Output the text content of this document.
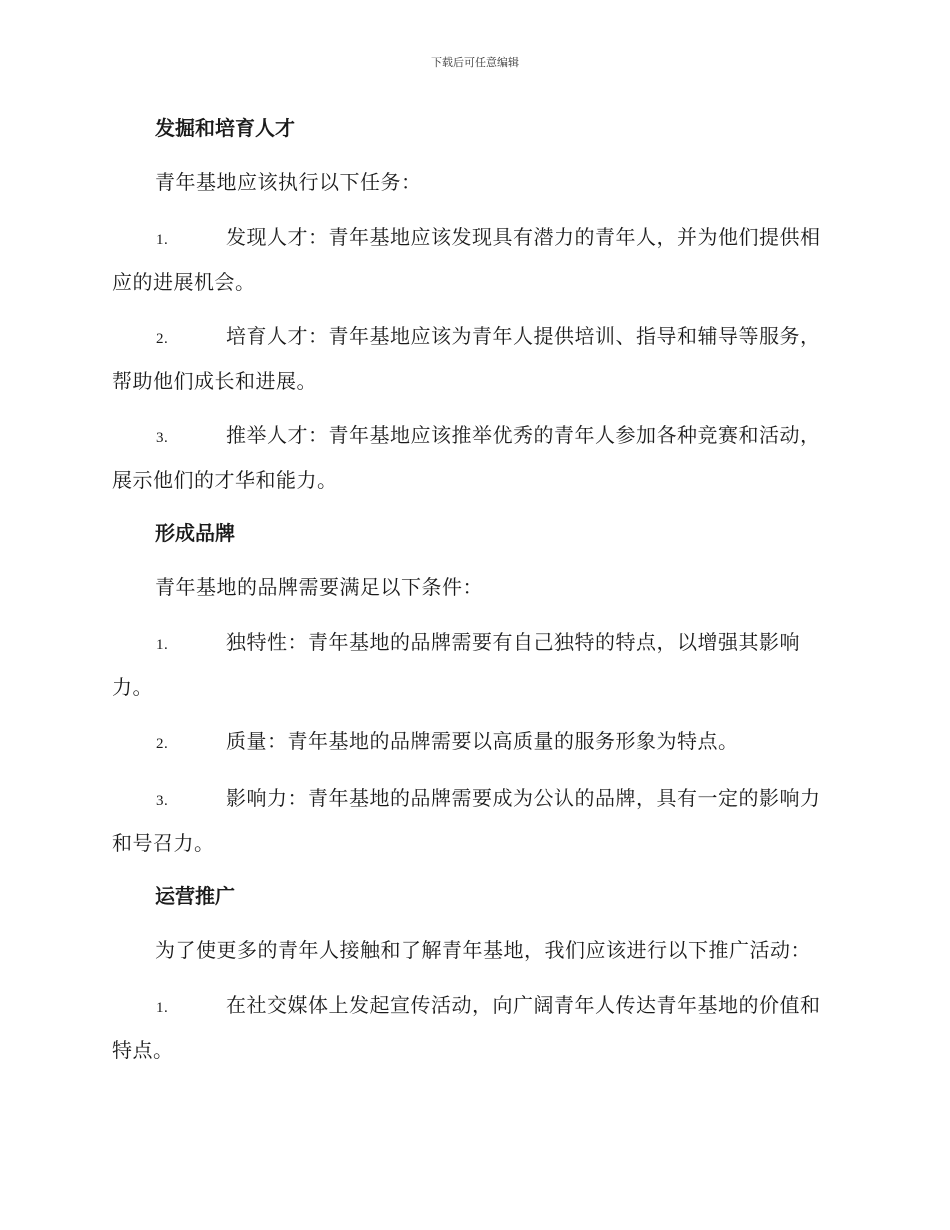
下载后可任意编辑
发掘和培育人才
青年基地应该执行以下任务：
1.	发现人才：青年基地应该发现具有潜力的青年人，并为他们提供相应的进展机会。
2.	培育人才：青年基地应该为青年人提供培训、指导和辅导等服务，帮助他们成长和进展。
3.	推举人才：青年基地应该推举优秀的青年人参加各种竞赛和活动，展示他们的才华和能力。
形成品牌
青年基地的品牌需要满足以下条件：
1.	独特性：青年基地的品牌需要有自己独特的特点，以增强其影响力。
2.	质量：青年基地的品牌需要以高质量的服务形象为特点。
3.	影响力：青年基地的品牌需要成为公认的品牌，具有一定的影响力和号召力。
运营推广
为了使更多的青年人接触和了解青年基地，我们应该进行以下推广活动：
1.	在社交媒体上发起宣传活动，向广阔青年人传达青年基地的价值和特点。
